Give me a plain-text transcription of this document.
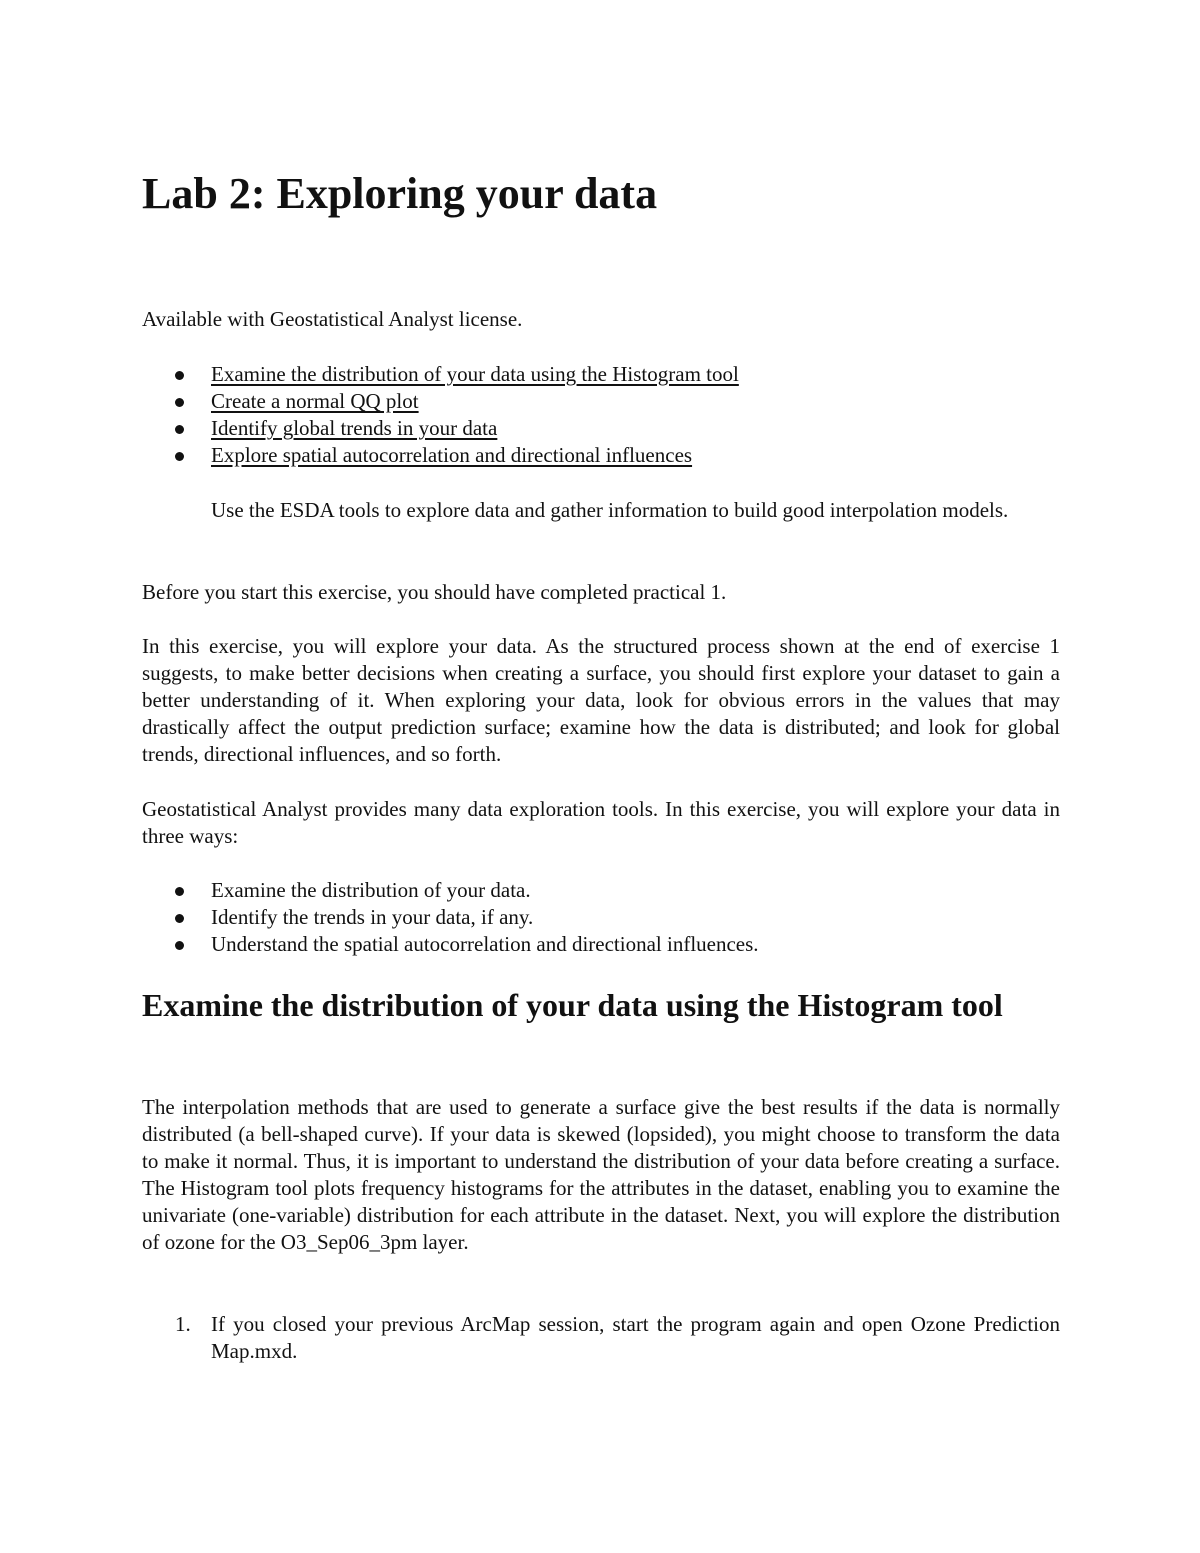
Lab 2: Exploring your data

Available with Geostatistical Analyst license.

Examine the distribution of your data using the Histogram tool
Create a normal QQ plot
Identify global trends in your data
Explore spatial autocorrelation and directional influences

Use the ESDA tools to explore data and gather information to build good interpolation models.

Before you start this exercise, you should have completed practical 1.

In this exercise, you will explore your data. As the structured process shown at the end of exercise 1 suggests, to make better decisions when creating a surface, you should first explore your dataset to gain a better understanding of it. When exploring your data, look for obvious errors in the values that may drastically affect the output prediction surface; examine how the data is distributed; and look for global trends, directional influences, and so forth.

Geostatistical Analyst provides many data exploration tools. In this exercise, you will explore your data in three ways:

Examine the distribution of your data.
Identify the trends in your data, if any.
Understand the spatial autocorrelation and directional influences.
Examine the distribution of your data using the Histogram tool

The interpolation methods that are used to generate a surface give the best results if the data is normally distributed (a bell-shaped curve). If your data is skewed (lopsided), you might choose to transform the data to make it normal. Thus, it is important to understand the distribution of your data before creating a surface. The Histogram tool plots frequency histograms for the attributes in the dataset, enabling you to examine the univariate (one-variable) distribution for each attribute in the dataset. Next, you will explore the distribution of ozone for the O3_Sep06_3pm layer.

1. If you closed your previous ArcMap session, start the program again and open Ozone Prediction Map.mxd.
